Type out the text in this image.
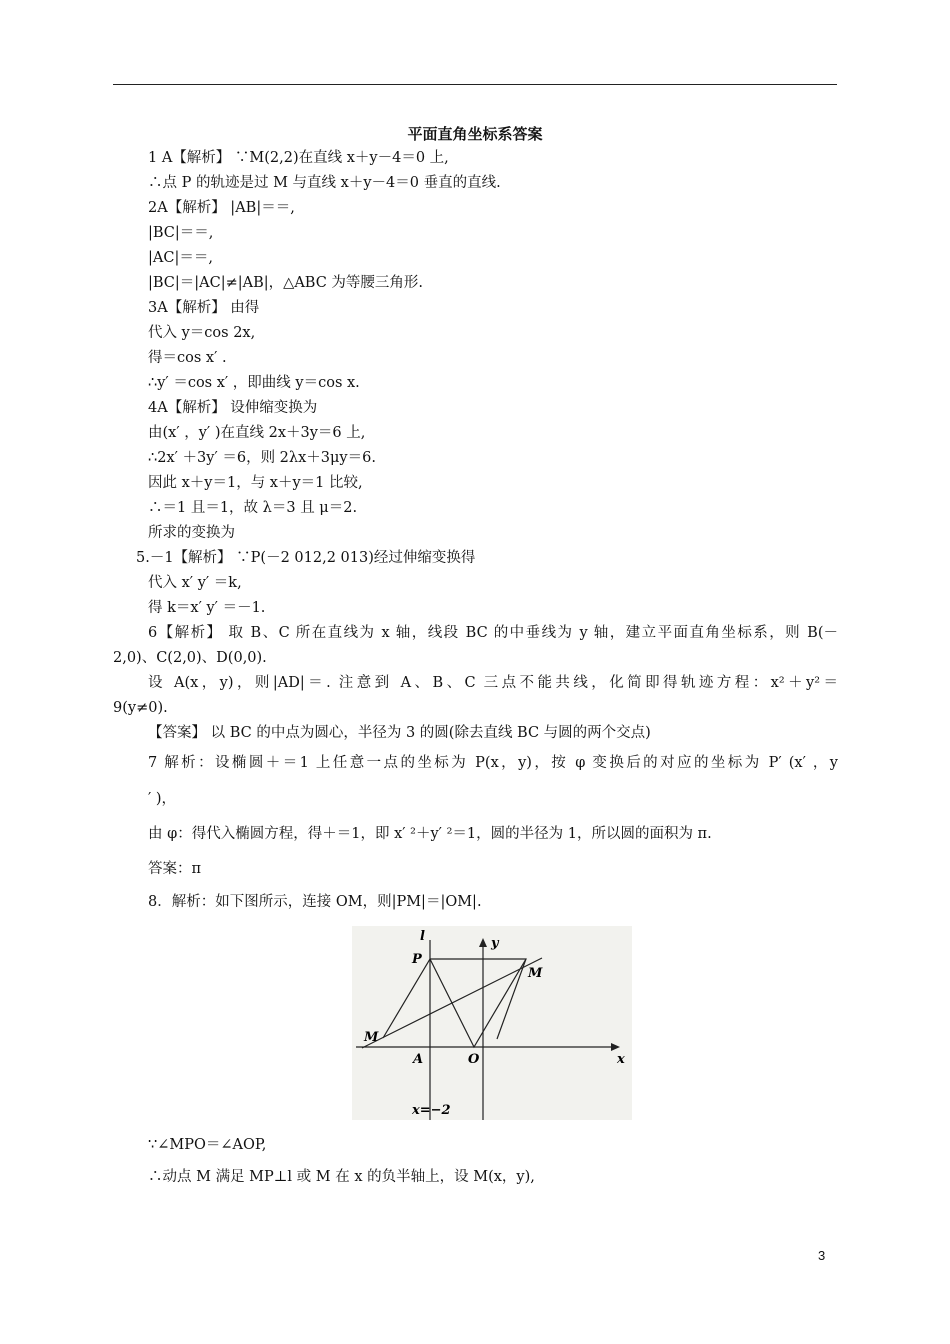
平面直角坐标系答案
1 A【解析】 ∵M(2,2)在直线 x＋y－4＝0 上,
∴点 P 的轨迹是过 M 与直线 x＋y－4＝0 垂直的直线.
2A【解析】 |AB|＝＝,
|BC|＝＝,
|AC|＝＝,
|BC|＝|AC|≠|AB|，△ABC 为等腰三角形.
3A【解析】 由得
代入 y＝cos 2x,
得＝cos x′ .
∴y′ ＝cos x′ ，即曲线 y＝cos x.
4A【解析】 设伸缩变换为
由(x′ ，y′ )在直线 2x＋3y＝6 上,
∴2x′ ＋3y′ ＝6，则 2λx＋3μy＝6.
因此 x＋y＝1，与 x＋y＝1 比较,
∴＝1 且＝1，故 λ＝3 且 μ＝2.
所求的变换为
5.－1【解析】 ∵P(－2 012,2 013)经过伸缩变换得
代入 x′ y′ ＝k,
得 k＝x′ y′ ＝－1.
6【解析】 取 B、C 所在直线为 x 轴，线段 BC 的中垂线为 y 轴，建立平面直角坐标系，则 B(－
2,0)、C(2,0)、D(0,0).
设 A(x，y)，则|AD|＝. 注意到 A、B、C 三点不能共线，化简即得轨迹方程：x²＋y²＝
9(y≠0).
【答案】 以 BC 的中点为圆心，半径为 3 的圆(除去直线 BC 与圆的两个交点)
7 解析：设椭圆＋＝1 上任意一点的坐标为 P(x，y)，按 φ 变换后的对应的坐标为 P′ (x′ ，y
′ )，
由 φ：得代入椭圆方程，得＋＝1，即 x′ ²＋y′ ²＝1，圆的半径为 1，所以圆的面积为 π.
答案：π
8．解析：如下图所示，连接 OM，则|PM|＝|OM|.
l	y
P
M
M
A	O	x
x=−2
∵∠MPO＝∠AOP,
∴动点 M 满足 MP⊥l 或 M 在 x 的负半轴上，设 M(x，y),
3
